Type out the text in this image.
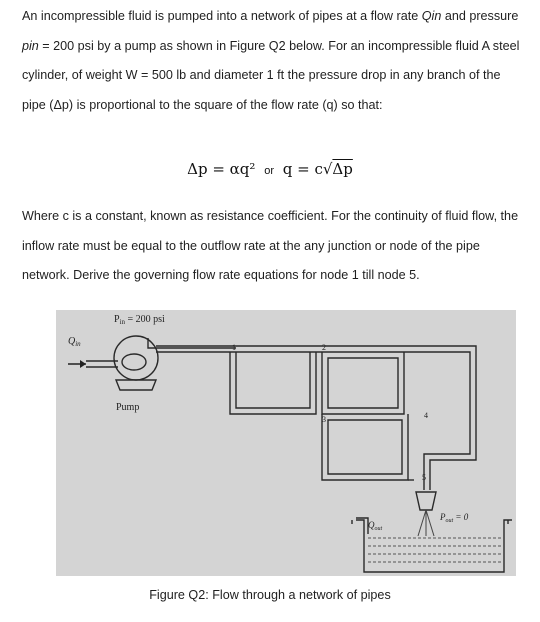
An incompressible fluid is pumped into a network of pipes at a flow rate Qin and pressure pin = 200 psi by a pump as shown in Figure Q2 below. For an incompressible fluid A steel cylinder, of weight W = 500 lb and diameter 1 ft the pressure drop in any branch of the pipe (Δp) is proportional to the square of the flow rate (q) so that:

Δp = αq² or q = c√Δp

Where c is a constant, known as resistance coefficient. For the continuity of fluid flow, the inflow rate must be equal to the outflow rate at the any junction or node of the pipe network. Derive the governing flow rate equations for node 1 till node 5.

$P_{in} = 200$ psi
$Q_{in}$
Pump
1	2
3	4
5
$Q_{out}$
$P_{out} = 0$
Figure Q2: Flow through a network of pipes
